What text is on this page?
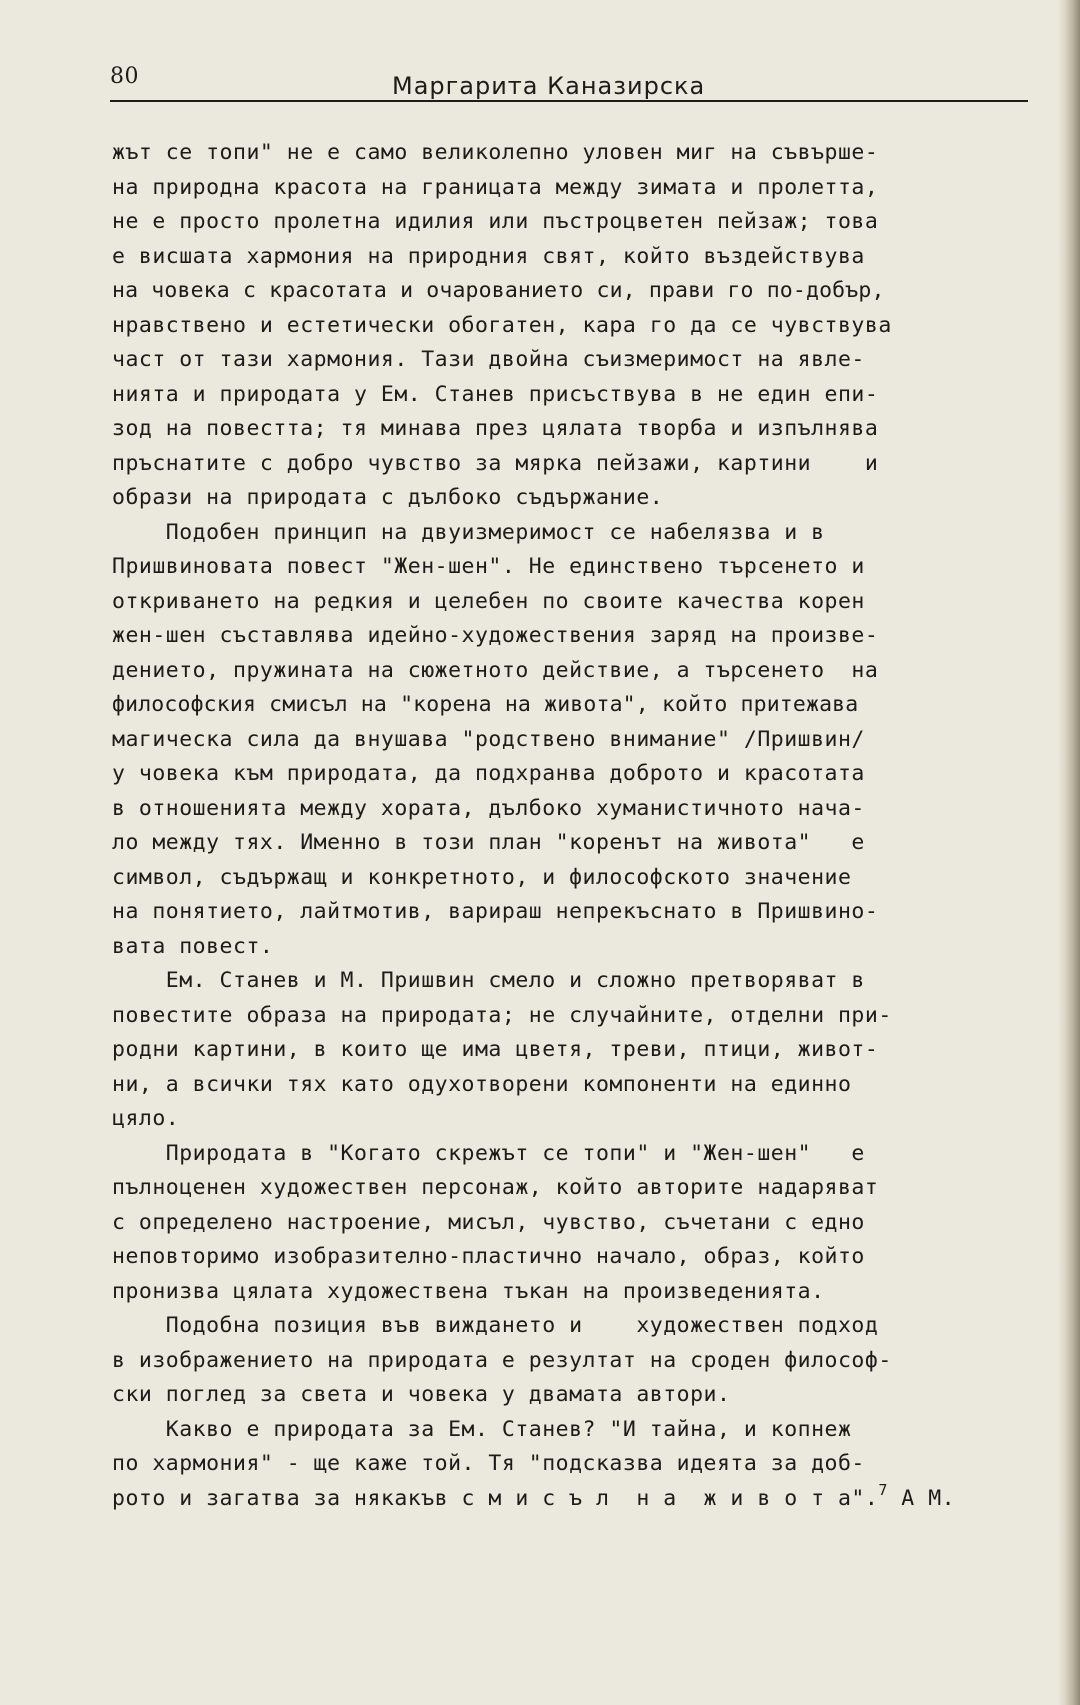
80	Маргарита Каназирска
жът се топи" не е само великолепно уловен миг на съвърше-
на природна красота на границата между зимата и пролетта,
не е просто пролетна идилия или пъстроцветен пейзаж; това
е висшата хармония на природния свят, който въздействува
на човека с красотата и очарованието си, прави го по-добър,
нравствено и естетически обогатен, кара го да се чувствува
част от тази хармония. Тази двойна съизмеримост на явле-
нията и природата у Ем. Станев присъствува в не един епи-
зод на повестта; тя минава през цялата творба и изпълнява
пръснатите с добро чувство за мярка пейзажи, картини    и
образи на природата с дълбоко съдържание.
Подобен принцип на двуизмеримост се набелязва и в
Пришвиновата повест "Жен-шен". Не единствено търсенето и
откриването на редкия и целебен по своите качества корен
жен-шен съставлява идейно-художествения заряд на произве-
дението, пружината на сюжетното действие, а търсенето  на
философския смисъл на "корена на живота", който притежава
магическа сила да внушава "родствено внимание" /Пришвин/
у човека към природата, да подхранва доброто и красотата
в отношенията между хората, дълбоко хуманистичното нача-
ло между тях. Именно в този план "коренът на живота"   е
символ, съдържащ и конкретното, и философското значение
на понятието, лайтмотив, варираш непрекъснато в Пришвино-
вата повест.
Ем. Станев и М. Пришвин смело и сложно претворяват в
повестите образа на природата; не случайните, отделни при-
родни картини, в които ще има цветя, треви, птици, живот-
ни, а всички тях като одухотворени компоненти на единно
цяло.
Природата в "Когато скрежът се топи" и "Жен-шен"   е
пълноценен художествен персонаж, който авторите надаряват
с определено настроение, мисъл, чувство, съчетани с едно
неповторимо изобразително-пластично начало, образ, който
пронизва цялата художествена тъкан на произведенията.
Подобна позиция във виждането и    художествен подход
в изображението на природата е резултат на сроден философ-
ски поглед за света и човека у двамата автори.
Какво е природата за Ем. Станев? "И тайна, и копнеж
по хармония" - ще каже той. Тя "подсказва идеята за доб-
рото и загатва за някакъв с м и с ъ л  н а  ж и в о т а".$^7$ А М.
